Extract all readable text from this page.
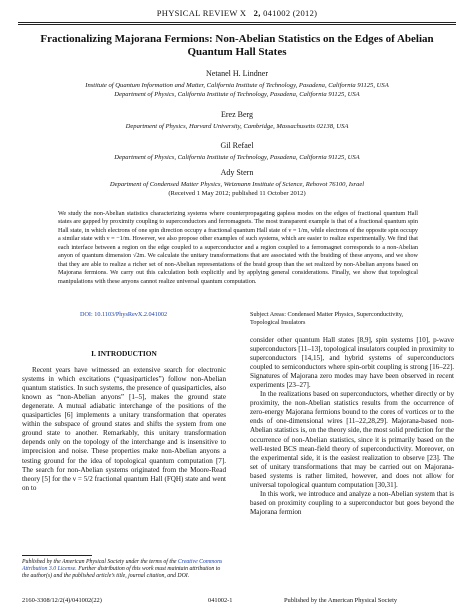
PHYSICAL REVIEW X 2, 041002 (2012)
Fractionalizing Majorana Fermions: Non-Abelian Statistics on the Edges of Abelian Quantum Hall States
Netanel H. Lindner
Institute of Quantum Information and Matter, California Institute of Technology, Pasadena, California 91125, USA
Department of Physics, California Institute of Technology, Pasadena, California 91125, USA
Erez Berg
Department of Physics, Harvard University, Cambridge, Massachusetts 02138, USA
Gil Refael
Department of Physics, California Institute of Technology, Pasadena, California 91125, USA
Ady Stern
Department of Condensed Matter Physics, Weizmann Institute of Science, Rehovot 76100, Israel
(Received 1 May 2012; published 11 October 2012)
We study the non-Abelian statistics characterizing systems where counterpropagating gapless modes on the edges of fractional quantum Hall states are gapped by proximity coupling to superconductors and ferromagnets. The most transparent example is that of a fractional quantum spin Hall state, in which electrons of one spin direction occupy a fractional quantum Hall state of ν = 1/m, while electrons of the opposite spin occupy a similar state with ν = −1/m. However, we also propose other examples of such systems, which are easier to realize experimentally. We find that each interface between a region on the edge coupled to a superconductor and a region coupled to a ferromagnet corresponds to a non-Abelian anyon of quantum dimension √2m. We calculate the unitary transformations that are associated with the braiding of these anyons, and we show that they are able to realize a richer set of non-Abelian representations of the braid group than the set realized by non-Abelian anyons based on Majorana fermions. We carry out this calculation both explicitly and by applying general considerations. Finally, we show that topological manipulations with these anyons cannot realize universal quantum computation.
DOI: 10.1103/PhysRevX.2.041002	Subject Areas: Condensed Matter Physics, Superconductivity, Topological Insulators
I. INTRODUCTION

Recent years have witnessed an extensive search for electronic systems in which excitations (“quasiparticles”) follow non-Abelian quantum statistics. In such systems, the presence of quasiparticles, also known as “non-Abelian anyons” [1–5], makes the ground state degenerate. A mutual adiabatic interchange of the positions of the quasiparticles [6] implements a unitary transformation that operates within the subspace of ground states and shifts the system from one ground state to another. Remarkably, this unitary transformation depends only on the topology of the interchange and is insensitive to imprecision and noise. These properties make non-Abelian anyons a testing ground for the idea of topological quantum computation [7]. The search for non-Abelian systems originated from the Moore-Read theory [5] for the ν = 5/2 fractional quantum Hall (FQH) state and went on to

consider other quantum Hall states [8,9], spin systems [10], p-wave superconductors [11–13], topological insulators coupled in proximity to superconductors [14,15], and hybrid systems of superconductors coupled to semiconductors where spin-orbit coupling is strong [16–22]. Signatures of Majorana zero modes may have been observed in recent experiments [23–27].

In the realizations based on superconductors, whether directly or by proximity, the non-Abelian statistics results from the occurrence of zero-energy Majorana fermions bound to the cores of vortices or to the ends of one-dimensional wires [11–22,28,29]. Majorana-based non-Abelian statistics is, on the theory side, the most solid prediction for the occurrence of non-Abelian statistics, since it is primarily based on the well-tested BCS mean-field theory of superconductivity. Moreover, on the experimental side, it is the easiest realization to observe [23]. The set of unitary transformations that may be carried out on Majorana-based systems is rather limited, however, and does not allow for universal topological quantum computation [30,31].

In this work, we introduce and analyze a non-Abelian system that is based on proximity coupling to a superconductor but goes beyond the Majorana fermion

Published by the American Physical Society under the terms of the Creative Commons Attribution 3.0 License. Further distribution of this work must maintain attribution to the author(s) and the published article’s title, journal citation, and DOI.
2160-3308/12/2(4)/041002(22)	041002-1	Published by the American Physical Society
